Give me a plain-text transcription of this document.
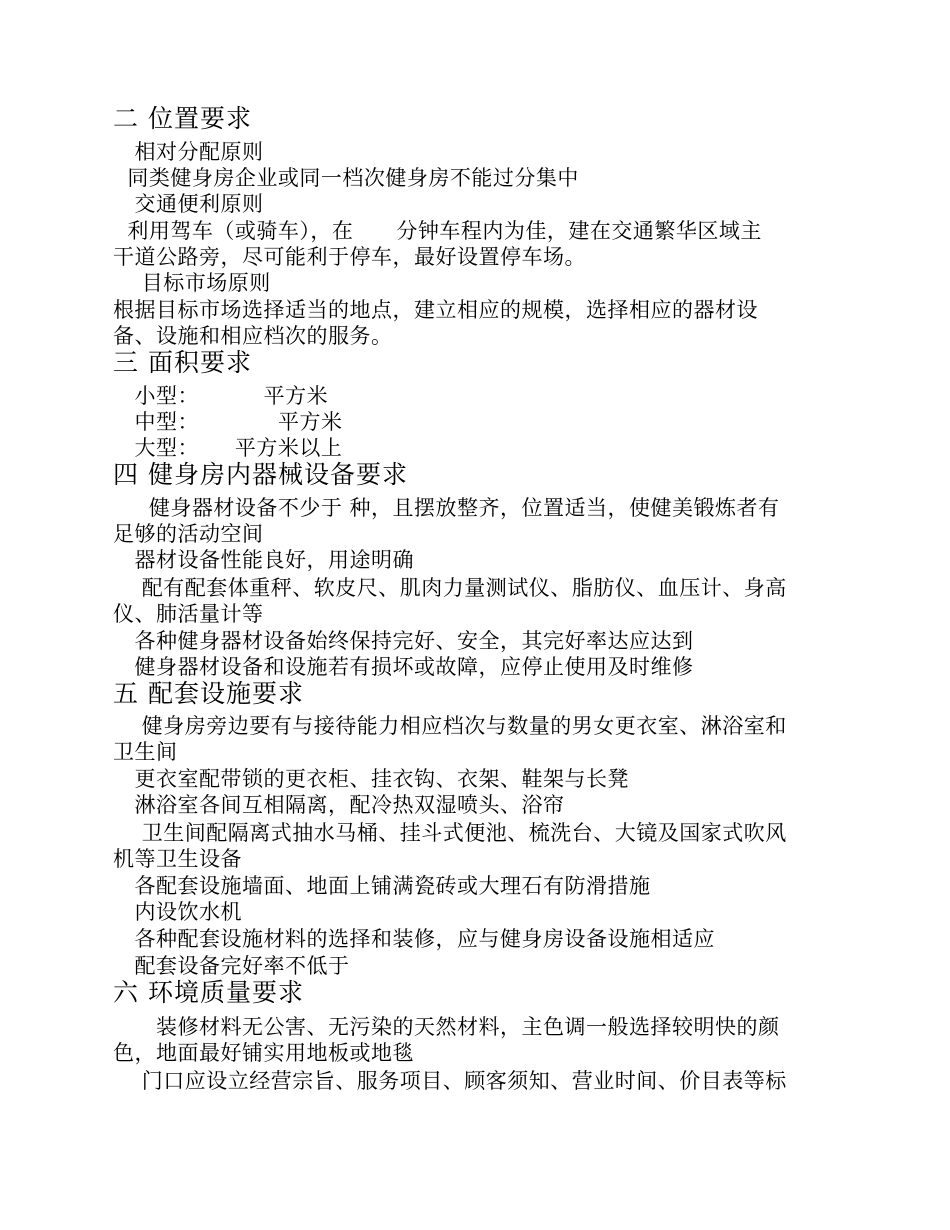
二 位置要求
相对分配原则
同类健身房企业或同一档次健身房不能过分集中
交通便利原则
利用驾车（或骑车），在      分钟车程内为佳，建在交通繁华区域主
干道公路旁，尽可能利于停车，最好设置停车场。
目标市场原则
根据目标市场选择适当的地点，建立相应的规模，选择相应的器材设
备、设施和相应档次的服务。
三 面积要求
小型：         平方米
中型：           平方米
大型：     平方米以上
四 健身房内器械设备要求
健身器材设备不少于 种，且摆放整齐，位置适当，使健美锻炼者有
足够的活动空间
器材设备性能良好，用途明确
配有配套体重秤、软皮尺、肌肉力量测试仪、脂肪仪、血压计、身高
仪、肺活量计等
各种健身器材设备始终保持完好、安全，其完好率达应达到
健身器材设备和设施若有损坏或故障，应停止使用及时维修
五 配套设施要求
健身房旁边要有与接待能力相应档次与数量的男女更衣室、淋浴室和
卫生间
更衣室配带锁的更衣柜、挂衣钩、衣架、鞋架与长凳
淋浴室各间互相隔离，配冷热双湿喷头、浴帘
卫生间配隔离式抽水马桶、挂斗式便池、梳洗台、大镜及国家式吹风
机等卫生设备
各配套设施墙面、地面上铺满瓷砖或大理石有防滑措施
内设饮水机
各种配套设施材料的选择和装修，应与健身房设备设施相适应
配套设备完好率不低于
六 环境质量要求
装修材料无公害、无污染的天然材料，主色调一般选择较明快的颜
色，地面最好铺实用地板或地毯
门口应设立经营宗旨、服务项目、顾客须知、营业时间、价目表等标
